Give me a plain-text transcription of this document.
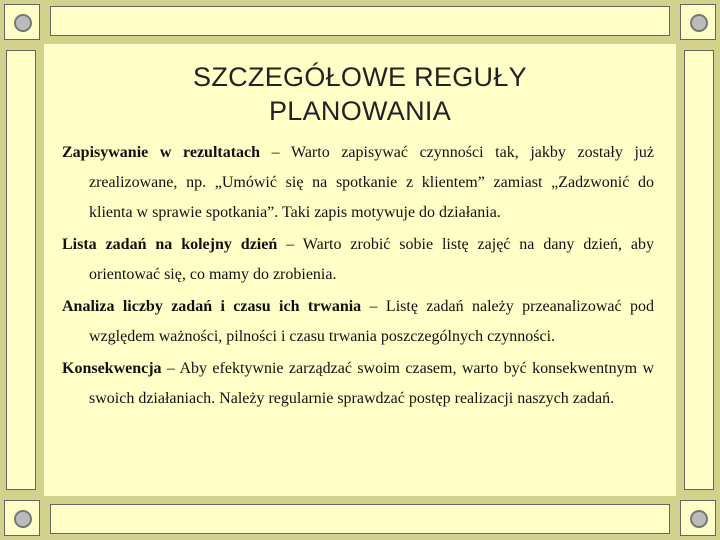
SZCZEGÓŁOWE REGUŁY
PLANOWANIA

Zapisywanie w rezultatach – Warto zapisywać czynności tak, jakby zostały już zrealizowane, np. „Umówić się na spotkanie z klientem” zamiast „Zadzwonić do klienta w sprawie spotkania”. Taki zapis motywuje do działania.

Lista zadań na kolejny dzień – Warto zrobić sobie listę zajęć na dany dzień, aby orientować się, co mamy do zrobienia.

Analiza liczby zadań i czasu ich trwania – Listę zadań należy przeanalizować pod względem ważności, pilności i czasu trwania poszczególnych czynności.

Konsekwencja – Aby efektywnie zarządzać swoim czasem, warto być konsekwentnym w swoich działaniach. Należy regularnie sprawdzać postęp realizacji naszych zadań.
